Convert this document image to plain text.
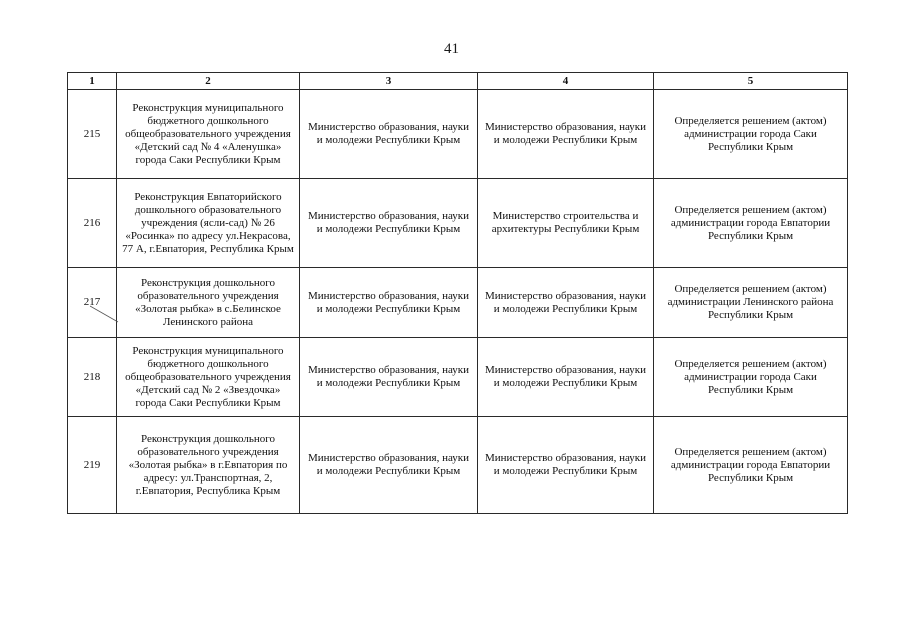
41
1	2	3	4	5
215	Реконструкция муниципального бюджетного дошкольного общеобразовательного учреждения «Детский сад № 4 «Аленушка» города Саки Республики Крым	Министерство образования, науки и молодежи Республики Крым	Министерство образования, науки и молодежи Республики Крым	Определяется решением (актом) администрации города Саки Республики Крым
216	Реконструкция Евпаторийского дошкольного образовательного учреждения (ясли-сад) № 26 «Росинка» по адресу ул.Некрасова, 77 А, г.Евпатория, Республика Крым	Министерство образования, науки и молодежи Республики Крым	Министерство строительства и архитектуры Республики Крым	Определяется решением (актом) администрации города Евпатории Республики Крым
217	Реконструкция дошкольного образовательного учреждения «Золотая рыбка» в с.Белинское Ленинского района	Министерство образования, науки и молодежи Республики Крым	Министерство образования, науки и молодежи Республики Крым	Определяется решением (актом) администрации Ленинского района Республики Крым
218	Реконструкция муниципального бюджетного дошкольного общеобразовательного учреждения «Детский сад № 2 «Звездочка» города Саки Республики Крым	Министерство образования, науки и молодежи Республики Крым	Министерство образования, науки и молодежи Республики Крым	Определяется решением (актом) администрации города Саки Республики Крым
219	Реконструкция дошкольного образовательного учреждения «Золотая рыбка» в г.Евпатория по адресу: ул.Транспортная, 2, г.Евпатория, Республика Крым	Министерство образования, науки и молодежи Республики Крым	Министерство образования, науки и молодежи Республики Крым	Определяется решением (актом) администрации города Евпатории Республики Крым
